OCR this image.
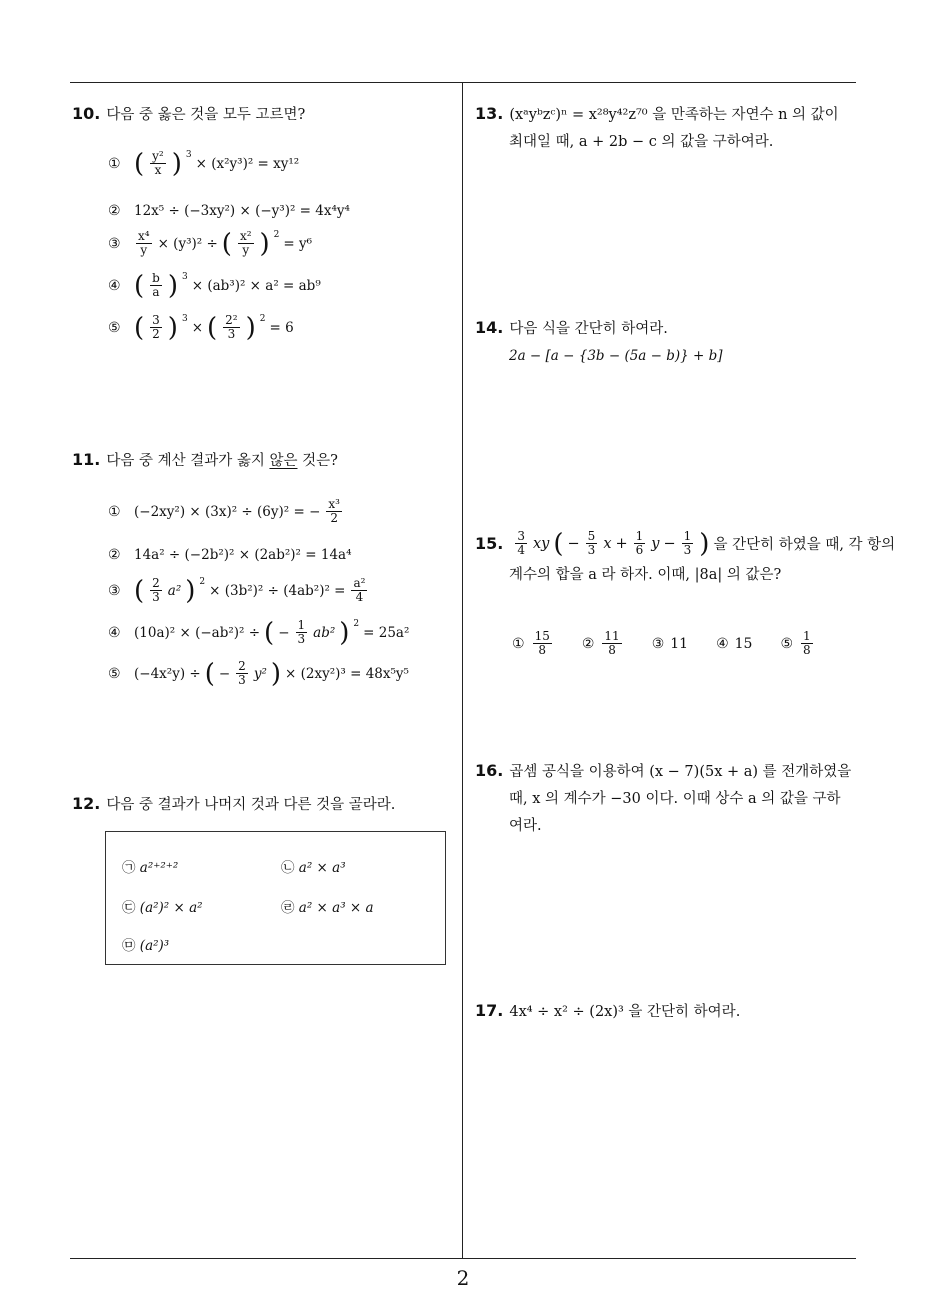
10. 다음 중 옳은 것을 모두 고르면?
① ( $\frac{\text{y²}}{x}$ ) $^3$
× (x²y³)² = xy¹²
② 12x⁵ ÷ (−3xy²) × (−y³)² = 4x⁴y⁴
③	$\frac{\text{x⁴}}{y} \times (y^3)^2$ ÷ ( $\frac{\text{x²}}{y}$ ) $^2$
= y⁶
④ ( $\frac{b}{a}$ ) $^3$
× (ab³)² × a² = ab⁹
⑤ ( $\frac{3}{2}$ ) $^3$
× ( $\frac{\text{2²}}{3}$ ) $^2$
= 6
11. 다음 중 계산 결과가 옳지 않은 것은?
① (−2xy²) × (3x)² ÷ (6y)² = − $\frac{\text{x³}}{2}$
② 14a² ÷ (−2b²)² × (2ab²)² = 14a⁴
③ ( $\frac{2}{3} a^2$ ) $^2$
× $(3b^2)^2 \div (4ab^2)^2 = \frac{\text{a²}}{4}$
④ (10a)² × (−ab²)² ÷ ( − $\frac{1}{3} ab^2$ ) $^2$
= 25a²
⑤ (−4x²y) ÷ ( − $\frac{2}{3} y^2$ ) × (2xy²)³ = 48x⁵y⁵
12. 다음 중 결과가 나머지 것과 다른 것을 골라라.
㉠ a²⁺²⁺²	㉡ a² × a³
㉢ (a²)² × a²	㉣ a² × a³ × a
㉤ (a²)³
13. (xᵃyᵇzᶜ)ⁿ = x²⁸y⁴²z⁷⁰ 을 만족하는 자연수 n 의 값이
최대일 때, a + 2b − c 의 값을 구하여라.
14. 다음 식을 간단히 하여라.
2a − [a − {3b − (5a − b)} + b]
15. $\frac{3}{4}$ xy ( − $\frac{5}{3}$ $x + \frac{1}{6}$ $y - \frac{1}{3}$ ) 을 간단히 하였을 때, 각 항의
계수의 합을 a 라 하자. 이때, |8a| 의 값은?
① $\frac{15}{8}$ ② $\frac{11}{8}$ ③ 11 ④ 15 ⑤ $\frac{1}{8}$
16. 곱셈 공식을 이용하여 (x − 7)(5x + a) 를 전개하였을
때, x 의 계수가 −30 이다. 이때 상수 a 의 값을 구하
여라.
17. 4x⁴ ÷ x² ÷ (2x)³ 을 간단히 하여라.
2
